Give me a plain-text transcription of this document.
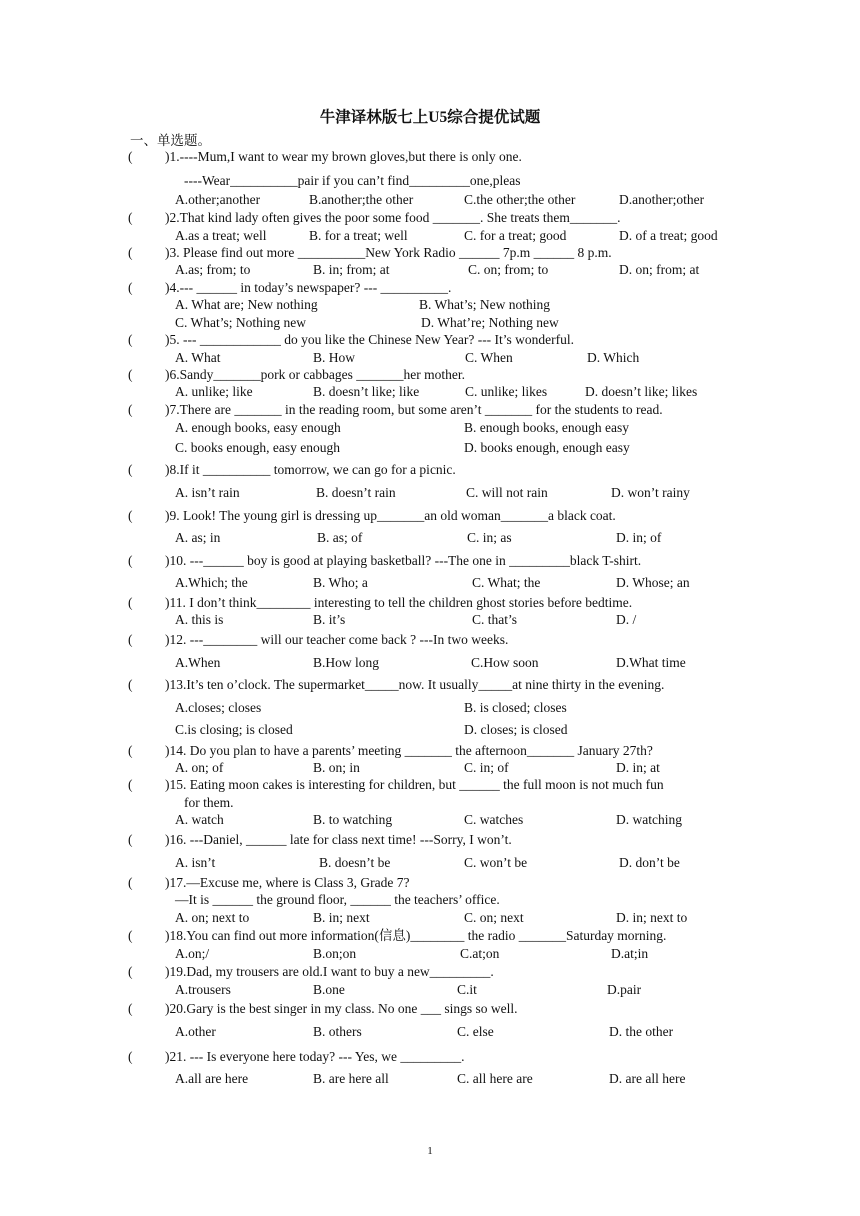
牛津译林版七上U5综合提优试题
一、单选题。
( )1.----Mum,I want to wear my brown gloves,but there is only one.
----Wear__________pair if you can’t find_________one,pleas
A.other;another	B.another;the other	C.the other;the other	D.another;other
( )2.That kind lady often gives the poor some food _______. She treats them_______.
A.as a treat; well	B. for a treat; well	C. for a treat; good	D. of a treat; good
( )3. Please find out more __________New York Radio ______ 7p.m ______ 8 p.m.
A.as; from; to	B. in; from; at	C. on; from; to	D. on; from; at
( )4.--- ______ in today’s newspaper? --- __________.
A. What are; New nothing	B. What’s; New nothing
C. What’s; Nothing new	D. What’re; Nothing new
( )5. --- ____________ do you like the Chinese New Year? --- It’s wonderful.
A. What	B. How	C. When	D. Which
( )6.Sandy_______pork or cabbages _______her mother.
A. unlike; like	B. doesn’t like; like	C. unlike; likes	D. doesn’t like; likes
( )7.There are _______ in the reading room, but some aren’t _______ for the students to read.
A. enough books, easy enough	B. enough books, enough easy
C. books enough, easy enough	D. books enough, enough easy
( )8.If it __________ tomorrow, we can go for a picnic.
A. isn’t rain	B. doesn’t rain	C. will not rain	D. won’t rainy
( )9. Look! The young girl is dressing up_______an old woman_______a black coat.
A. as; in	B. as; of	C. in; as	D. in; of
( )10. ---______ boy is good at playing basketball? ---The one in _________black T-shirt.
A.Which; the	B. Who; a	C. What; the	D. Whose; an
( )11. I don’t think________ interesting to tell the children ghost stories before bedtime.
A. this is	B. it’s	C. that’s	D. /
( )12. ---________ will our teacher come back ? ---In two weeks.
A.When	B.How long	C.How soon	D.What time
( )13.It’s ten o’clock. The supermarket_____now. It usually_____at nine thirty in the evening.
A.closes; closes	B. is closed; closes
C.is closing; is closed	D. closes; is closed
( )14. Do you plan to have a parents’ meeting _______ the afternoon_______ January 27th?
A. on; of	B. on; in	C. in; of	D. in; at
( )15. Eating moon cakes is interesting for children, but ______ the full moon is not much fun
for them.
A. watch	B. to watching	C. watches	D. watching
( )16. ---Daniel, ______ late for class next time! ---Sorry, I won’t.
A. isn’t	B. doesn’t be	C. won’t be	D. don’t be
( )17.—Excuse me, where is Class 3, Grade 7?
—It is ______ the ground floor, ______ the teachers’ office.
A. on; next to	B. in; next	C. on; next	D. in; next to
( )18.You can find out more information(信息)________ the radio _______Saturday morning.
A.on;/	B.on;on	C.at;on	D.at;in
( )19.Dad, my trousers are old.I want to buy a new_________.
A.trousers	B.one	C.it	D.pair
( )20.Gary is the best singer in my class. No one ___ sings so well.
A.other	B. others	C. else	D. the other
( )21. --- Is everyone here today? --- Yes, we _________.
A.all are here	B. are here all	C. all here are	D. are all here
1
